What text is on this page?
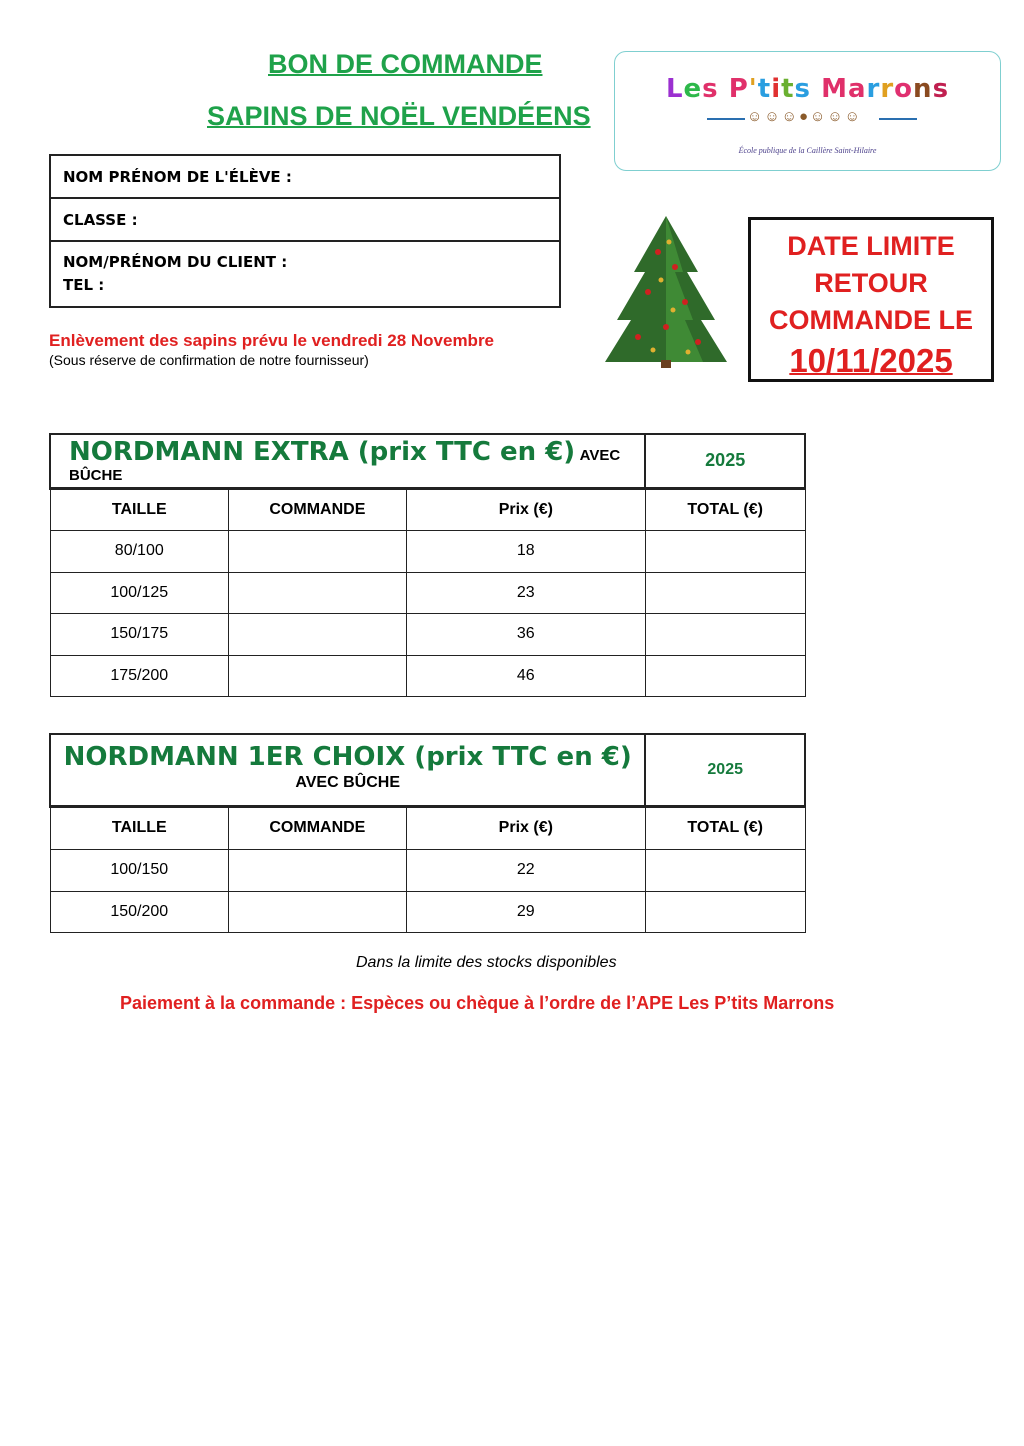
BON DE COMMANDE
SAPINS DE NOËL VENDÉENS
Les P'tits Marrons
☺☺☺●☺☺☺
École publique de la Caillère Saint-Hilaire
NOM PRÉNOM DE L'ÉLÈVE :
CLASSE :
NOM/PRÉNOM DU CLIENT :
TEL :
Enlèvement des sapins prévu le vendredi 28 Novembre
(Sous réserve de confirmation de notre fournisseur)
DATE LIMITE
RETOUR
COMMANDE LE
10/11/2025
NORDMANN EXTRA (prix TTC en €) AVEC BÛCHE			2025
TAILLE	COMMANDE	Prix (€)	TOTAL (€)
80/100		18	
100/125		23	
150/175		36	
175/200		46	
NORDMANN 1ER CHOIX (prix TTC en €)
AVEC BÛCHE			2025
TAILLE	COMMANDE	Prix (€)	TOTAL (€)
100/150		22	
150/200		29	
Dans la limite des stocks disponibles
Paiement à la commande : Espèces ou chèque à l’ordre de l’APE Les P’tits Marrons
